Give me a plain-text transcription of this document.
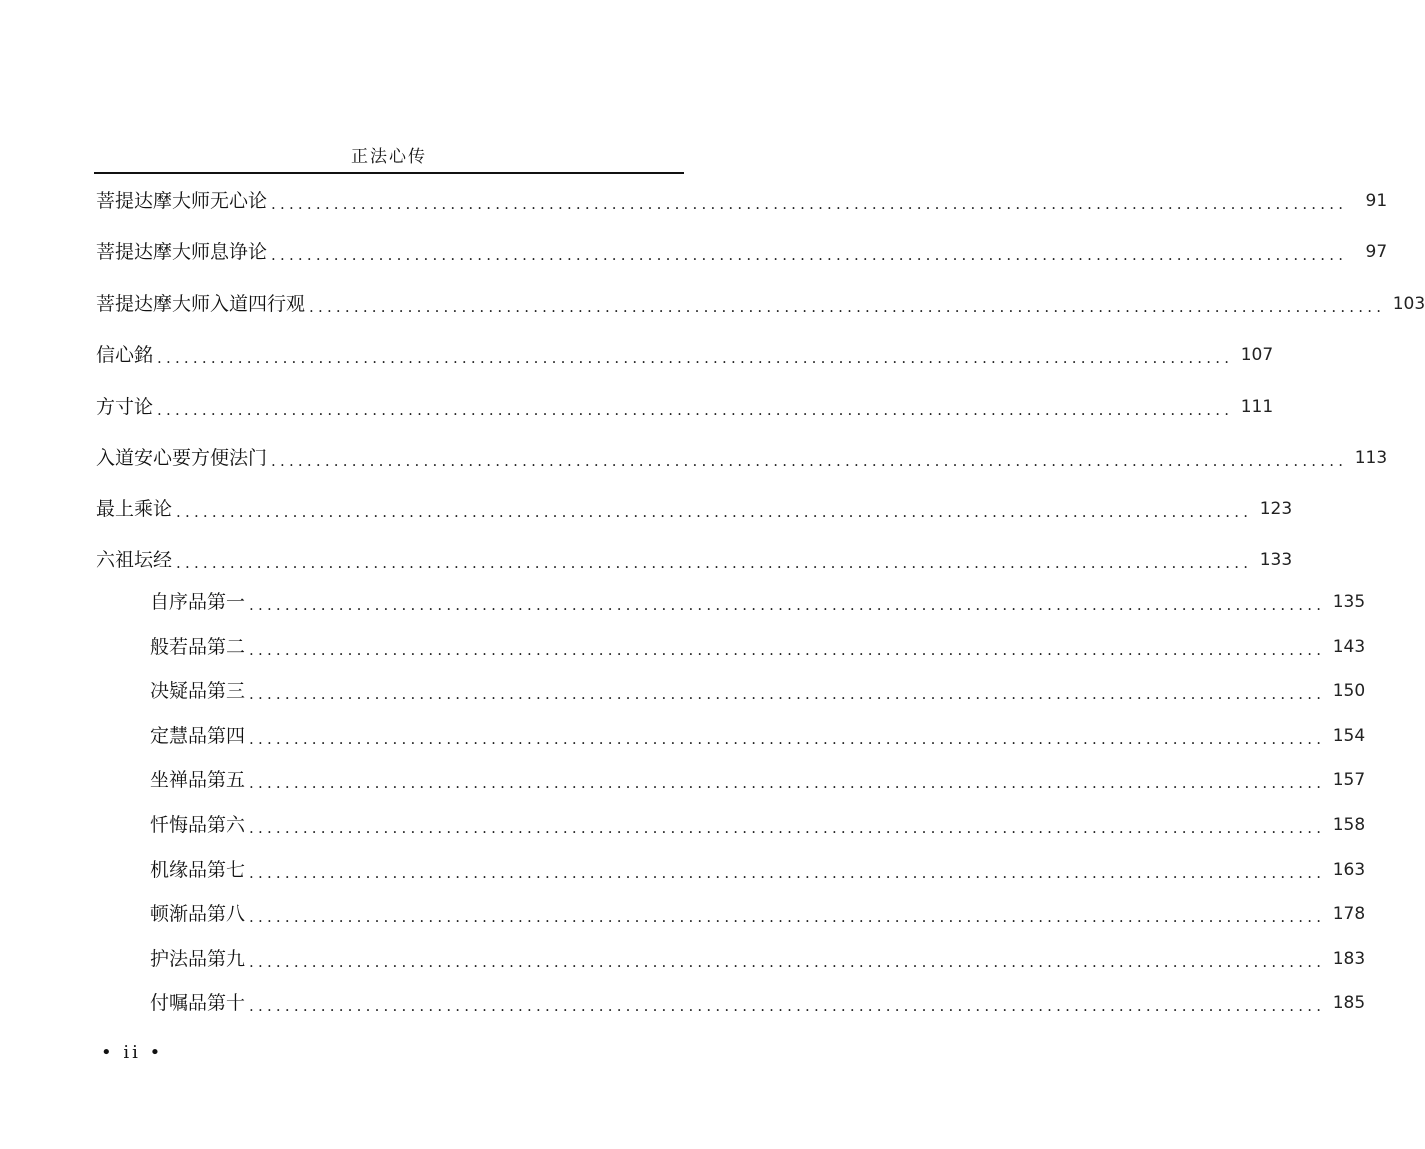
正法心传
菩提达摩大师无心论 ........................................................................................................................	91
菩提达摩大师息诤论 ........................................................................................................................	97
菩提达摩大师入道四行观 ........................................................................................................................ 103
信心銘 ........................................................................................................................ 107
方寸论 ........................................................................................................................ 111
入道安心要方便法门 ........................................................................................................................ 113
最上乘论 ........................................................................................................................ 123
六祖坛经 ........................................................................................................................ 133
自序品第一 ........................................................................................................................ 135
般若品第二 ........................................................................................................................ 143
决疑品第三 ........................................................................................................................ 150
定慧品第四 ........................................................................................................................ 154
坐禅品第五 ........................................................................................................................ 157
忏悔品第六 ........................................................................................................................ 158
机缘品第七 ........................................................................................................................ 163
顿渐品第八 ........................................................................................................................ 178
护法品第九 ........................................................................................................................ 183
付嘱品第十 ........................................................................................................................ 185
• ii •
